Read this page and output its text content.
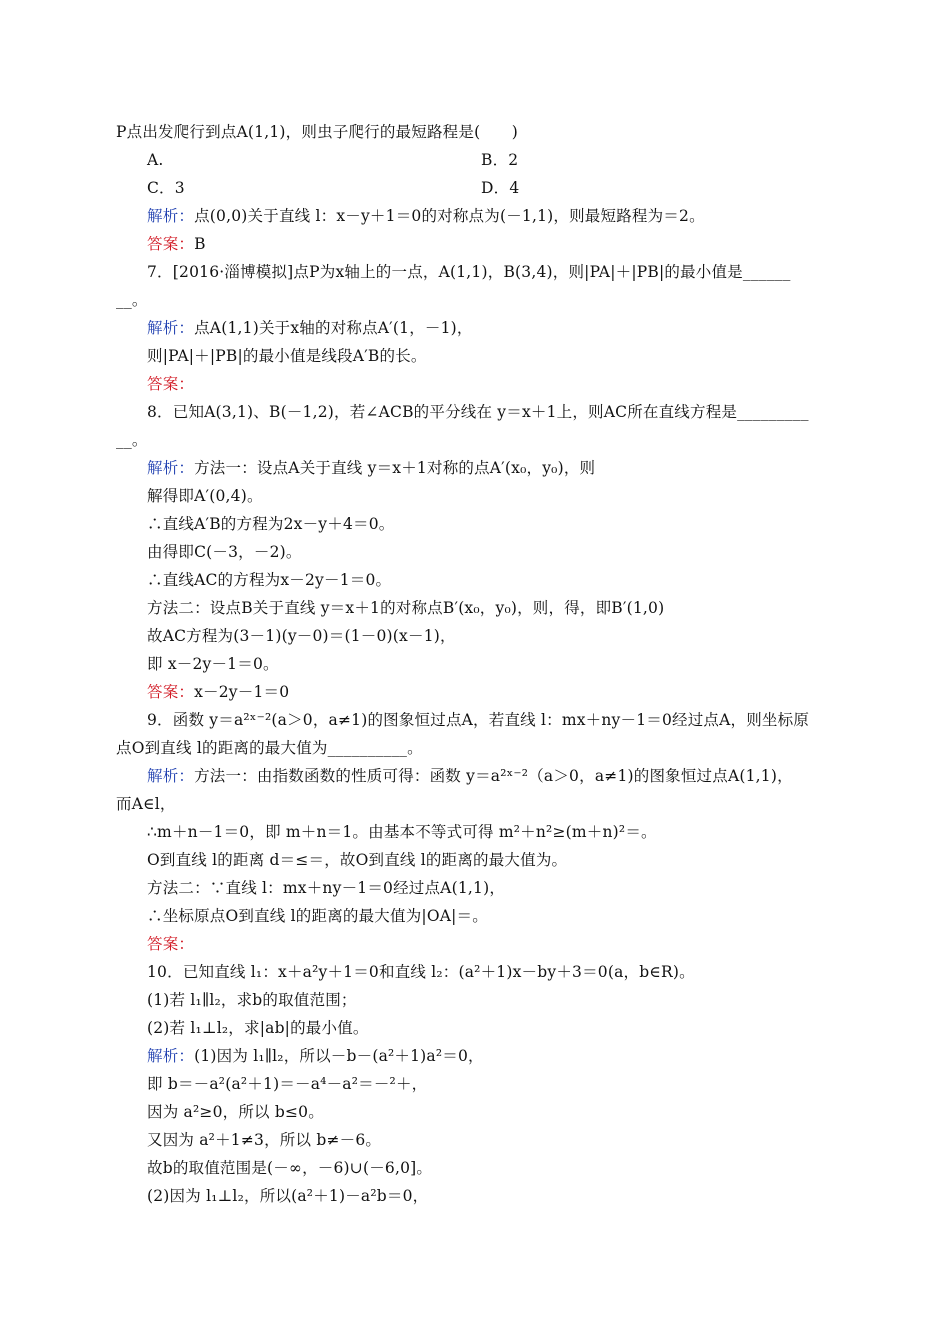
P点出发爬行到点A(1,1)，则虫子爬行的最短路程是(　　)
A.	B．2
C．3	D．4
解析：点(0,0)关于直线 l：x－y＋1＝0的对称点为(－1,1)，则最短路程为＝2。
答案：B
7．[2016·淄博模拟]点P为x轴上的一点，A(1,1)，B(3,4)，则|PA|＋|PB|的最小值是______
__。
解析：点A(1,1)关于x轴的对称点A′(1，－1)，
则|PA|＋|PB|的最小值是线段A′B的长。
答案：
8．已知A(3,1)、B(－1,2)，若∠ACB的平分线在 y＝x＋1上，则AC所在直线方程是_________
__。
解析：方法一：设点A关于直线 y＝x＋1对称的点A′(x₀，y₀)，则
解得即A′(0,4)。
∴直线A′B的方程为2x－y＋4＝0。
由得即C(－3，－2)。
∴直线AC的方程为x－2y－1＝0。
方法二：设点B关于直线 y＝x＋1的对称点B′(x₀，y₀)，则，得，即B′(1,0)
故AC方程为(3－1)(y－0)＝(1－0)(x－1)，
即 x－2y－1＝0。
答案：x－2y－1＝0
9．函数 y＝a²ˣ⁻²(a＞0，a≠1)的图象恒过点A，若直线 l：mx＋ny－1＝0经过点A，则坐标原
点O到直线 l的距离的最大值为__________。
解析：方法一：由指数函数的性质可得：函数 y＝a²ˣ⁻²（a＞0，a≠1)的图象恒过点A(1,1)，
而A∈l，
∴m＋n－1＝0，即 m＋n＝1。由基本不等式可得 m²＋n²≥(m＋n)²＝。
O到直线 l的距离 d＝≤＝，故O到直线 l的距离的最大值为。
方法二：∵直线 l：mx＋ny－1＝0经过点A(1,1)，
∴坐标原点O到直线 l的距离的最大值为|OA|＝。
答案：
10．已知直线 l₁：x＋a²y＋1＝0和直线 l₂：(a²＋1)x－by＋3＝0(a，b∈R)。
(1)若 l₁∥l₂，求b的取值范围；
(2)若 l₁⊥l₂，求|ab|的最小值。
解析：(1)因为 l₁∥l₂，所以－b－(a²＋1)a²＝0，
即 b＝－a²(a²＋1)＝－a⁴－a²＝－²＋，
因为 a²≥0，所以 b≤0。
又因为 a²＋1≠3，所以 b≠－6。
故b的取值范围是(－∞，－6)∪(－6,0]。
(2)因为 l₁⊥l₂，所以(a²＋1)－a²b＝0，
